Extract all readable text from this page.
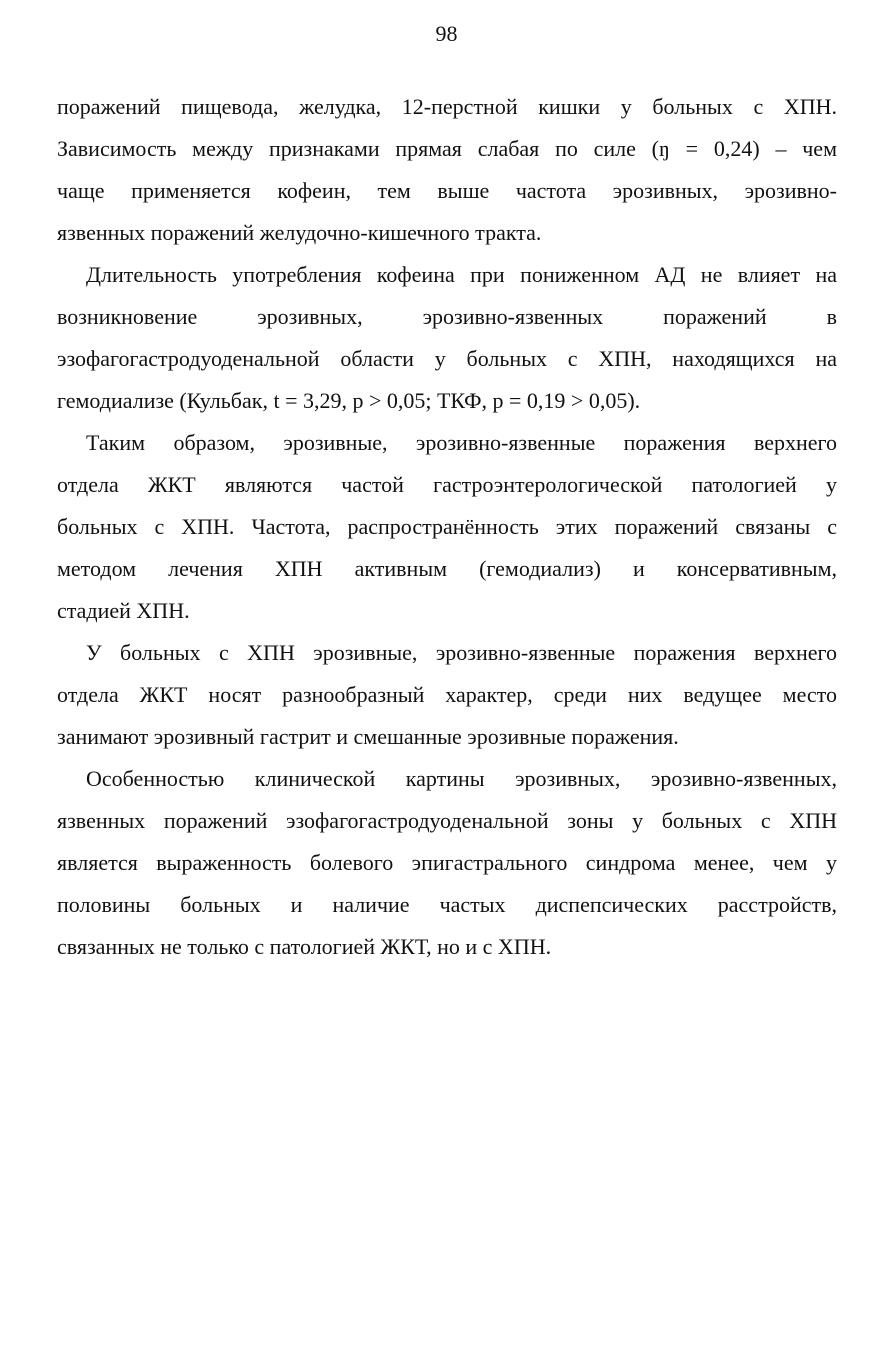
98
поражений пищевода, желудка, 12-перстной кишки у больных с ХПН.
Зависимость между признаками прямая слабая по силе (ŋ = 0,24) – чем
чаще применяется кофеин, тем выше частота эрозивных, эрозивно-
язвенных поражений желудочно-кишечного тракта.
Длительность употребления кофеина при пониженном АД не влияет на
возникновение эрозивных, эрозивно-язвенных поражений в
эзофагогастродуоденальной области у больных с ХПН, находящихся на
гемодиализе (Кульбак, t = 3,29, р > 0,05; ТКФ, р = 0,19 > 0,05).
Таким образом, эрозивные, эрозивно-язвенные поражения верхнего
отдела ЖКТ являются частой гастроэнтерологической патологией у
больных с ХПН. Частота, распространённость этих поражений связаны с
методом лечения ХПН активным (гемодиализ) и консервативным,
стадией ХПН.
У больных с ХПН эрозивные, эрозивно-язвенные поражения верхнего
отдела ЖКТ носят разнообразный характер, среди них ведущее место
занимают эрозивный гастрит и смешанные эрозивные поражения.
Особенностью клинической картины эрозивных, эрозивно-язвенных,
язвенных поражений эзофагогастродуоденальной зоны у больных с ХПН
является выраженность болевого эпигастрального синдрома менее, чем у
половины больных и наличие частых диспепсических расстройств,
связанных не только с патологией ЖКТ, но и с ХПН.
